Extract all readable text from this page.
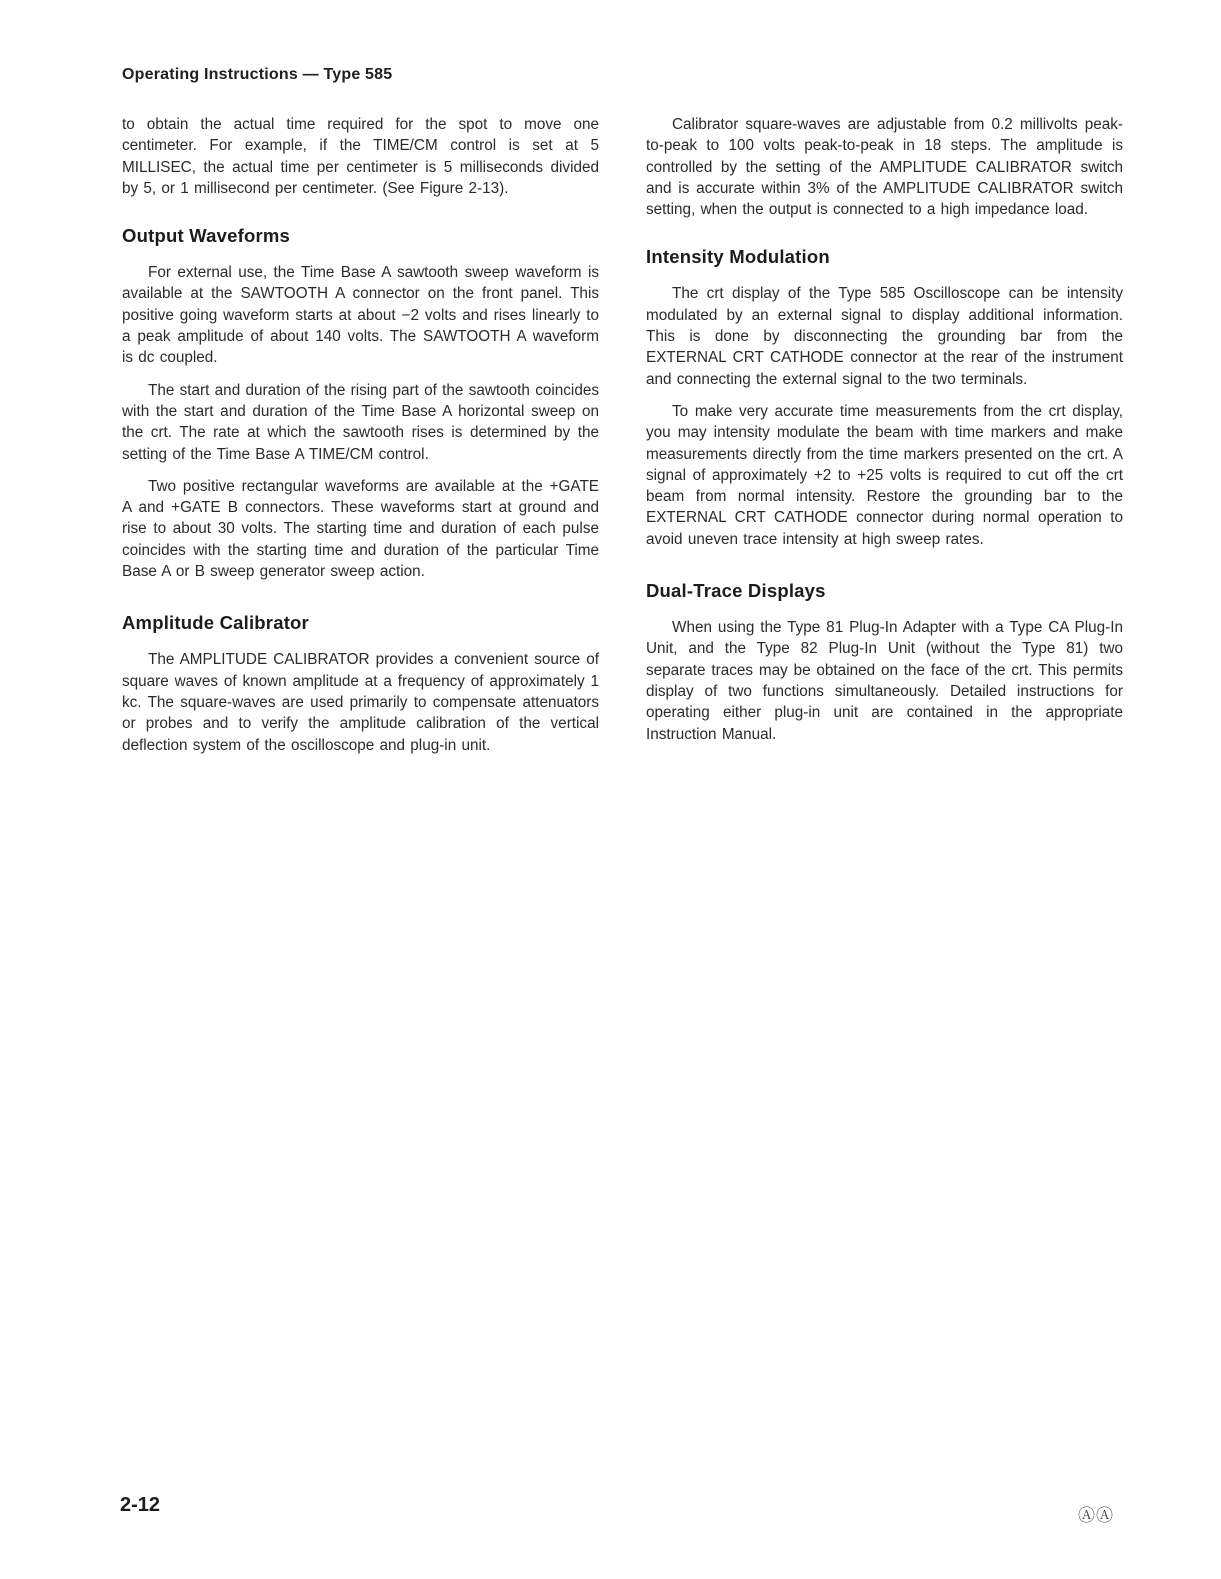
Operating Instructions — Type 585

to obtain the actual time required for the spot to move one centimeter. For example, if the TIME/CM control is set at 5 MILLISEC, the actual time per centimeter is 5 milliseconds divided by 5, or 1 millisecond per centimeter. (See Figure 2-13).

Output Waveforms

For external use, the Time Base A sawtooth sweep waveform is available at the SAWTOOTH A connector on the front panel. This positive going waveform starts at about −2 volts and rises linearly to a peak amplitude of about 140 volts. The SAWTOOTH A waveform is dc coupled.

The start and duration of the rising part of the sawtooth coincides with the start and duration of the Time Base A horizontal sweep on the crt. The rate at which the sawtooth rises is determined by the setting of the Time Base A TIME/CM control.

Two positive rectangular waveforms are available at the +GATE A and +GATE B connectors. These waveforms start at ground and rise to about 30 volts. The starting time and duration of each pulse coincides with the starting time and duration of the particular Time Base A or B sweep generator sweep action.

Amplitude Calibrator

The AMPLITUDE CALIBRATOR provides a convenient source of square waves of known amplitude at a frequency of approximately 1 kc. The square-waves are used primarily to compensate attenuators or probes and to verify the amplitude calibration of the vertical deflection system of the oscilloscope and plug-in unit.

Calibrator square-waves are adjustable from 0.2 millivolts peak-to-peak to 100 volts peak-to-peak in 18 steps. The amplitude is controlled by the setting of the AMPLITUDE CALIBRATOR switch and is accurate within 3% of the AMPLITUDE CALIBRATOR switch setting, when the output is connected to a high impedance load.

Intensity Modulation

The crt display of the Type 585 Oscilloscope can be intensity modulated by an external signal to display additional information. This is done by disconnecting the grounding bar from the EXTERNAL CRT CATHODE connector at the rear of the instrument and connecting the external signal to the two terminals.

To make very accurate time measurements from the crt display, you may intensity modulate the beam with time markers and make measurements directly from the time markers presented on the crt. A signal of approximately +2 to +25 volts is required to cut off the crt beam from normal intensity. Restore the grounding bar to the EXTERNAL CRT CATHODE connector during normal operation to avoid uneven trace intensity at high sweep rates.

Dual-Trace Displays

When using the Type 81 Plug-In Adapter with a Type CA Plug-In Unit, and the Type 82 Plug-In Unit (without the Type 81) two separate traces may be obtained on the face of the crt. This permits display of two functions simultaneously. Detailed instructions for operating either plug-in unit are contained in the appropriate Instruction Manual.

2-12	ⒶⒶ
